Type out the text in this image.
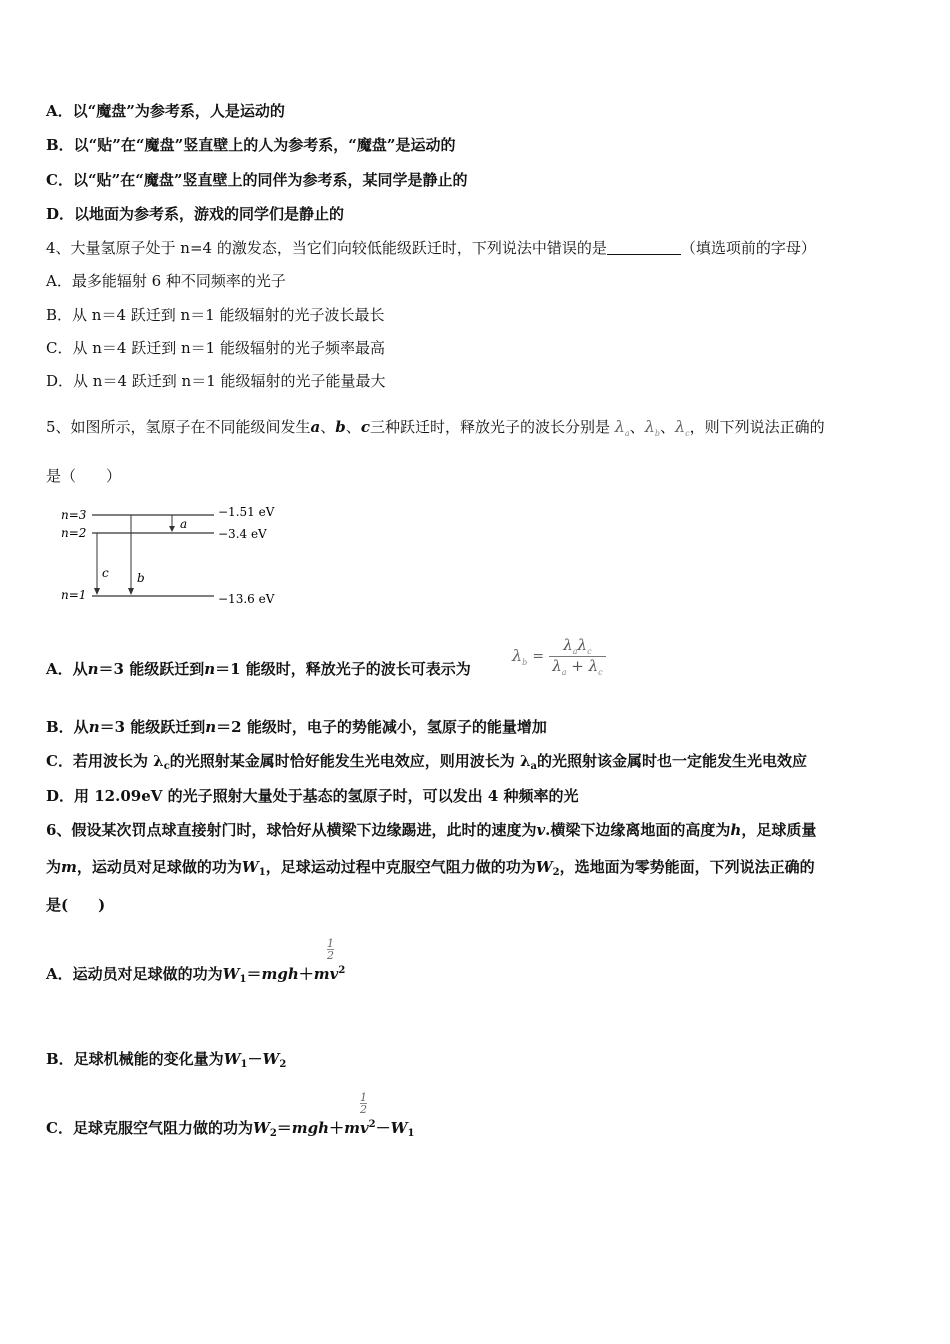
A．以“魔盘”为参考系，人是运动的
B．以“贴”在“魔盘”竖直壁上的人为参考系，“魔盘”是运动的
C．以“贴”在“魔盘”竖直壁上的同伴为参考系，某同学是静止的
D．以地面为参考系，游戏的同学们是静止的
4、大量氢原子处于 n=4 的激发态，当它们向较低能级跃迁时，下列说法中错误的是	（填选项前的字母）
A．最多能辐射 6 种不同频率的光子
B．从 n＝4 跃迁到 n＝1 能级辐射的光子波长最长
C．从 n＝4 跃迁到 n＝1 能级辐射的光子频率最高
D．从 n＝4 跃迁到 n＝1 能级辐射的光子能量最大
5、如图所示，氢原子在不同能级间发生a、b、c三种跃迁时，释放光子的波长分别是 $\lambda_a$、$\lambda_b$、$\lambda_c$，则下列说法正确的
是（　　）
n=3
n=2
n=1
−1.51 eV
−3.4 eV
−13.6 eV
a
b
c
A．从n＝3 能级跃迁到n＝1 能级时，释放光子的波长可表示为
$\lambda_b = \frac{\lambda_a\lambda_c}{\lambda_a + \lambda_c}$
B．从n＝3 能级跃迁到n＝2 能级时，电子的势能减小，氢原子的能量增加
C．若用波长为 $\lambda_c$的光照射某金属时恰好能发生光电效应，则用波长为 $\lambda_a$的光照射该金属时也一定能发生光电效应
D．用 12.09eV 的光子照射大量处于基态的氢原子时，可以发出 4 种频率的光
6、假设某次罚点球直接射门时，球恰好从横梁下边缘踢进，此时的速度为v.横梁下边缘离地面的高度为h，足球质量
为m，运动员对足球做的功为$W_1$，足球运动过程中克服空气阻力做的功为$W_2$，选地面为零势能面，下列说法正确的
是(　　)
1
2
A．运动员对足球做的功为$W_1=mgh+mv^2$
B．足球机械能的变化量为$W_1-W_2$
1
2
C．足球克服空气阻力做的功为$W_2=mgh+mv^2-W_1$
